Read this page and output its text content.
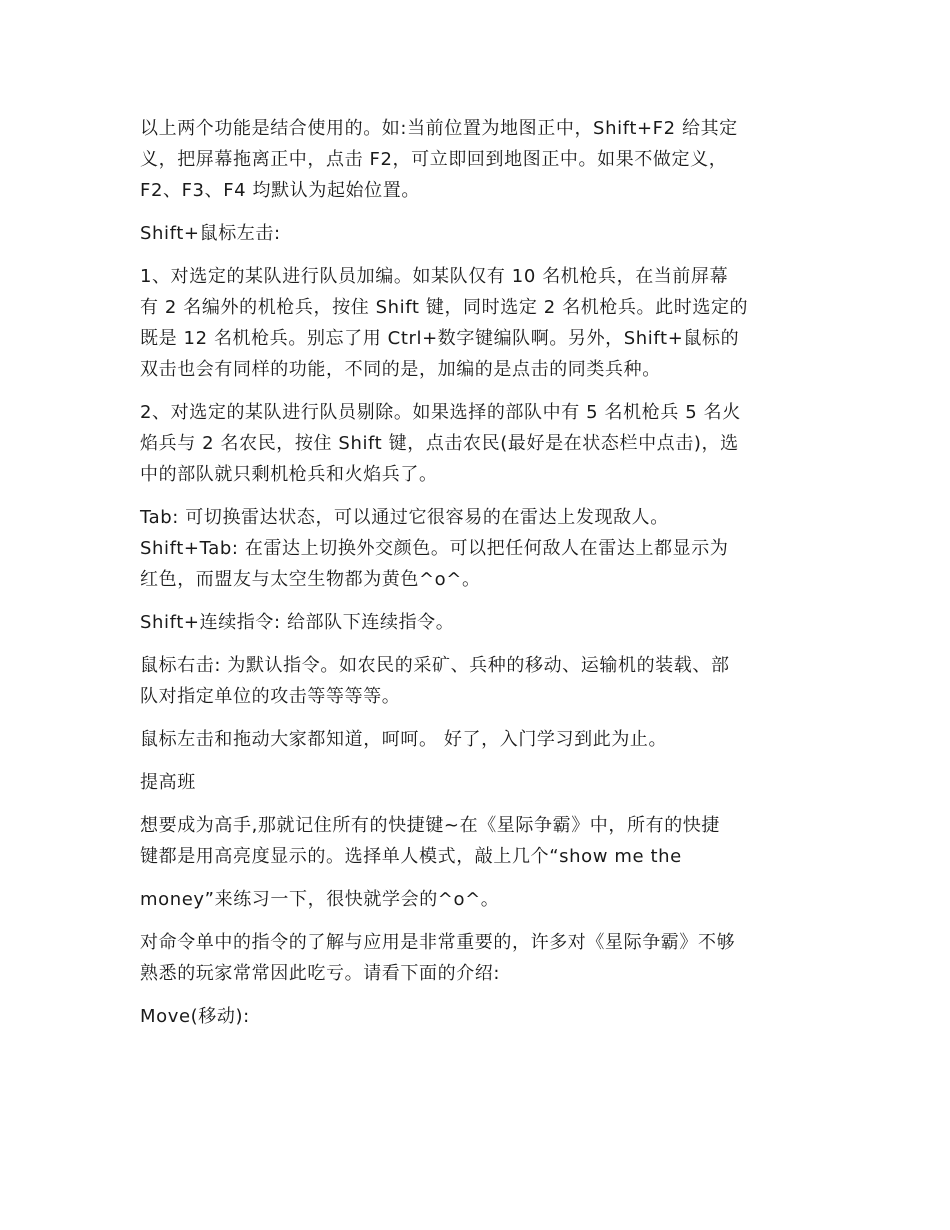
以上两个功能是结合使用的。如:当前位置为地图正中，Shift+F2 给其定
义，把屏幕拖离正中，点击 F2，可立即回到地图正中。如果不做定义，
F2、F3、F4 均默认为起始位置。
Shift+鼠标左击:
1、对选定的某队进行队员加编。如某队仅有 10 名机枪兵，在当前屏幕
有 2 名编外的机枪兵，按住 Shift 键，同时选定 2 名机枪兵。此时选定的
既是 12 名机枪兵。别忘了用 Ctrl+数字键编队啊。另外，Shift+鼠标的
双击也会有同样的功能，不同的是，加编的是点击的同类兵种。
2、对选定的某队进行队员剔除。如果选择的部队中有 5 名机枪兵 5 名火
焰兵与 2 名农民，按住 Shift 键，点击农民(最好是在状态栏中点击)，选
中的部队就只剩机枪兵和火焰兵了。
Tab: 可切换雷达状态，可以通过它很容易的在雷达上发现敌人。
Shift+Tab: 在雷达上切换外交颜色。可以把任何敌人在雷达上都显示为
红色，而盟友与太空生物都为黄色^o^。
Shift+连续指令: 给部队下连续指令。
鼠标右击: 为默认指令。如农民的采矿、兵种的移动、运输机的装载、部
队对指定单位的攻击等等等等。
鼠标左击和拖动大家都知道，呵呵。 好了，入门学习到此为止。
提高班
想要成为高手,那就记住所有的快捷键~在《星际争霸》中，所有的快捷
键都是用高亮度显示的。选择单人模式，敲上几个“show me the
money”来练习一下，很快就学会的^o^。
对命令单中的指令的了解与应用是非常重要的，许多对《星际争霸》不够
熟悉的玩家常常因此吃亏。请看下面的介绍:
Move(移动):
